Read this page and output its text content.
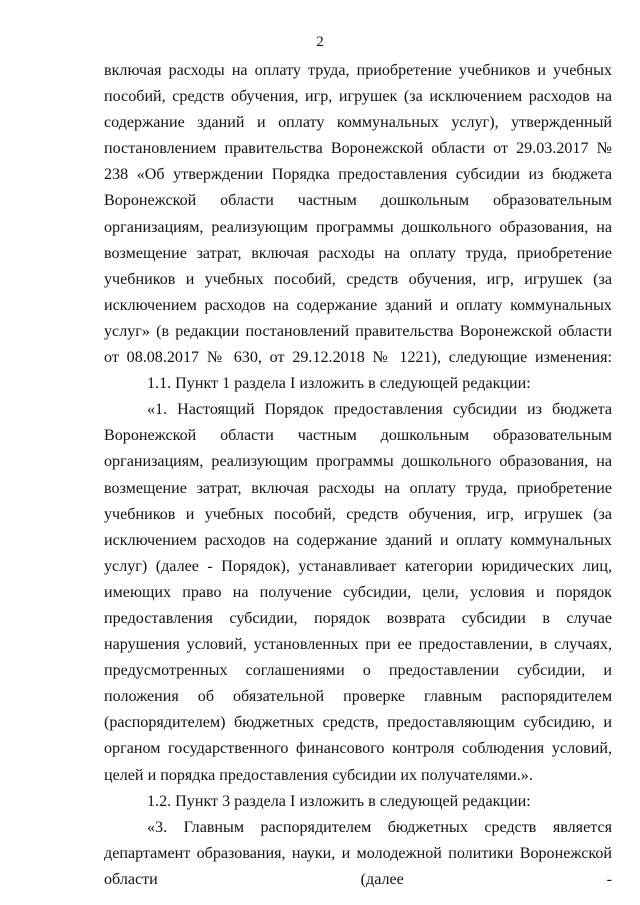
2

включая расходы на оплату труда, приобретение учебников и учебных пособий, средств обучения, игр, игрушек (за исключением расходов на содержание зданий и оплату коммунальных услуг), утвержденный постановлением правительства Воронежской области от 29.03.2017 № 238 «Об утверждении Порядка предоставления субсидии из бюджета Воронежской области частным дошкольным образовательным организациям, реализующим программы дошкольного образования, на возмещение затрат, включая расходы на оплату труда, приобретение учебников и учебных пособий, средств обучения, игр, игрушек (за исключением расходов на содержание зданий и оплату коммунальных услуг» (в редакции постановлений правительства Воронежской области от 08.08.2017 № 630, от 29.12.2018 № 1221), следующие изменения:

1.1. Пункт 1 раздела I изложить в следующей редакции:

«1. Настоящий Порядок предоставления субсидии из бюджета Воронежской области частным дошкольным образовательным организациям, реализующим программы дошкольного образования, на возмещение затрат, включая расходы на оплату труда, приобретение учебников и учебных пособий, средств обучения, игр, игрушек (за исключением расходов на содержание зданий и оплату коммунальных услуг) (далее - Порядок), устанавливает категории юридических лиц, имеющих право на получение субсидии, цели, условия и порядок предоставления субсидии, порядок возврата субсидии в случае нарушения условий, установленных при ее предоставлении, в случаях, предусмотренных соглашениями о предоставлении субсидии, и положения об обязательной проверке главным распорядителем (распорядителем) бюджетных средств, предоставляющим субсидию, и органом государственного финансового контроля соблюдения условий, целей и порядка предоставления субсидии их получателями.».

1.2. Пункт 3 раздела I изложить в следующей редакции:

«3. Главным распорядителем бюджетных средств является департамент образования, науки, и молодежной политики Воронежской области (далее -
